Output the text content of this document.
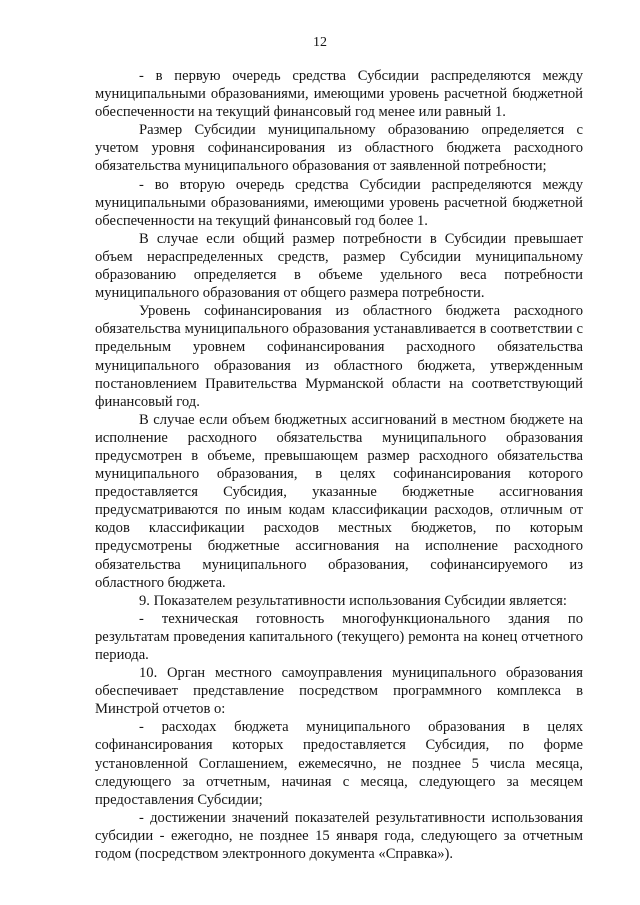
12

- в первую очередь средства Субсидии распределяются между муниципальными образованиями, имеющими уровень расчетной бюджетной обеспеченности на текущий финансовый год менее или равный 1.

Размер Субсидии муниципальному образованию определяется с учетом уровня софинансирования из областного бюджета расходного обязательства муниципального образования от заявленной потребности;

- во вторую очередь средства Субсидии распределяются между муниципальными образованиями, имеющими уровень расчетной бюджетной обеспеченности на текущий финансовый год более 1.

В случае если общий размер потребности в Субсидии превышает объем нераспределенных средств, размер Субсидии муниципальному образованию определяется в объеме удельного веса потребности муниципального образования от общего размера потребности.

Уровень софинансирования из областного бюджета расходного обязательства муниципального образования устанавливается в соответствии с предельным уровнем софинансирования расходного обязательства муниципального образования из областного бюджета, утвержденным постановлением Правительства Мурманской области на соответствующий финансовый год.

В случае если объем бюджетных ассигнований в местном бюджете на исполнение расходного обязательства муниципального образования предусмотрен в объеме, превышающем размер расходного обязательства муниципального образования, в целях софинансирования которого предоставляется Субсидия, указанные бюджетные ассигнования предусматриваются по иным кодам классификации расходов, отличным от кодов классификации расходов местных бюджетов, по которым предусмотрены бюджетные ассигнования на исполнение расходного обязательства муниципального образования, софинансируемого из областного бюджета.

9. Показателем результативности использования Субсидии является:

- техническая готовность многофункционального здания по результатам проведения капитального (текущего) ремонта на конец отчетного периода.

10. Орган местного самоуправления муниципального образования обеспечивает представление посредством программного комплекса в Минстрой отчетов о:

- расходах бюджета муниципального образования в целях софинансирования которых предоставляется Субсидия, по форме установленной Соглашением, ежемесячно, не позднее 5 числа месяца, следующего за отчетным, начиная с месяца, следующего за месяцем предоставления Субсидии;

- достижении значений показателей результативности использования субсидии - ежегодно, не позднее 15 января года, следующего за отчетным годом (посредством электронного документа «Справка»).
